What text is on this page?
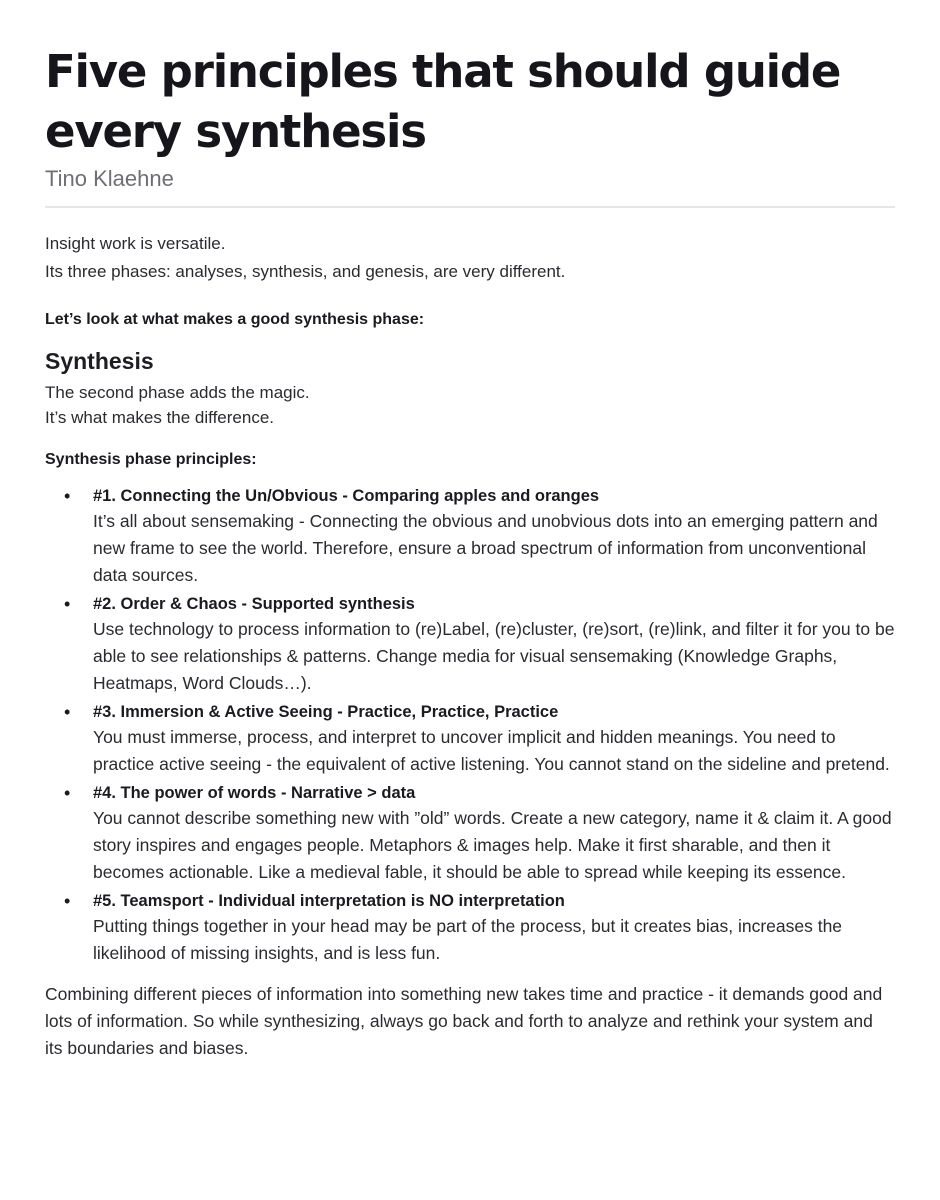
Five principles that should guide every synthesis
Tino Klaehne

Insight work is versatile.

Its three phases: analyses, synthesis, and genesis, are very different.

Let’s look at what makes a good synthesis phase:
Synthesis

The second phase adds the magic.

It’s what makes the difference.

Synthesis phase principles:
• #1. Connecting the Un/Obvious - Comparing apples and oranges
It’s all about sensemaking - Connecting the obvious and unobvious dots into an emerging pattern and new frame to see the world. Therefore, ensure a broad spectrum of information from unconventional data sources.
• #2. Order & Chaos - Supported synthesis
Use technology to process information to (re)Label, (re)cluster, (re)sort, (re)link, and filter it for you to be able to see relationships & patterns. Change media for visual sensemaking (Knowledge Graphs, Heatmaps, Word Clouds…).
• #3. Immersion & Active Seeing - Practice, Practice, Practice
You must immerse, process, and interpret to uncover implicit and hidden meanings. You need to practice active seeing - the equivalent of active listening. You cannot stand on the sideline and pretend.
• #4. The power of words - Narrative > data
You cannot describe something new with ”old” words. Create a new category, name it & claim it. A good story inspires and engages people. Metaphors & images help. Make it first sharable, and then it becomes actionable. Like a medieval fable, it should be able to spread while keeping its essence.
• #5. Teamsport - Individual interpretation is NO interpretation
Putting things together in your head may be part of the process, but it creates bias, increases the likelihood of missing insights, and is less fun.
Combining different pieces of information into something new takes time and practice - it demands good and lots of information. So while synthesizing, always go back and forth to analyze and rethink your system and its boundaries and biases.
